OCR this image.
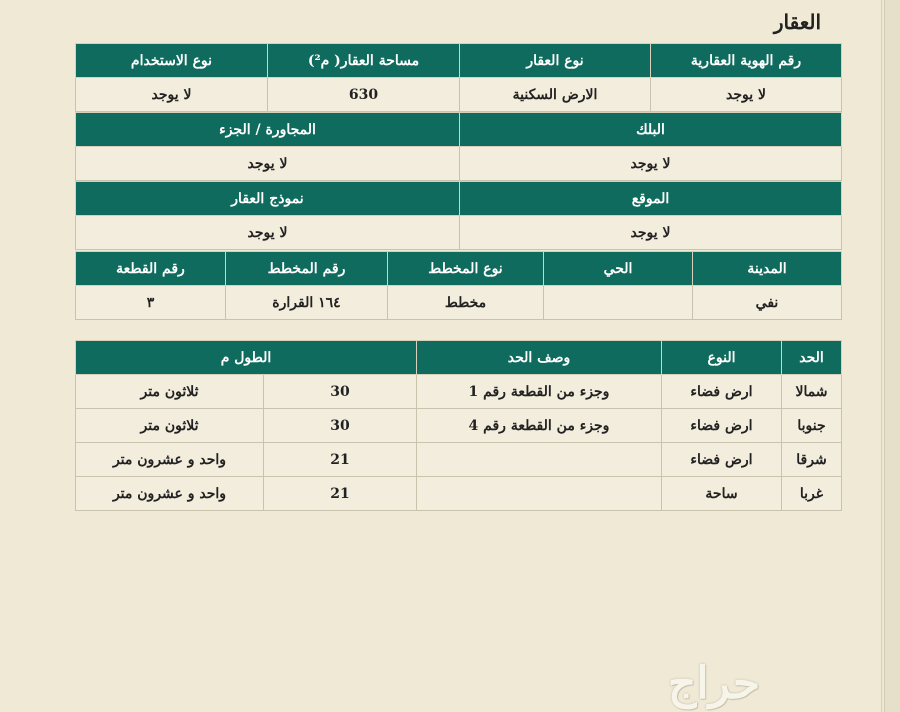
العقار
رقم الهوية العقارية	نوع العقار	مساحة العقار( م²)	نوع الاستخدام
لا يوجد	الارض السكنية	630	لا يوجد
البلك	المجاورة / الجزء
لا يوجد	لا يوجد
الموقع	نموذج العقار
لا يوجد	لا يوجد
المدينة	الحي	نوع المخطط	رقم المخطط	رقم القطعة
نفي		مخطط	١٦٤ القرارة	٣
الحد	النوع	وصف الحد	الطول م	
شمالا	ارض فضاء	وجزء من القطعة رقم 1	30	ثلاثون متر
جنوبا	ارض فضاء	وجزء من القطعة رقم 4	30	ثلاثون متر
شرقا	ارض فضاء		21	واحد و عشرون متر
غربا	ساحة		21	واحد و عشرون متر
حراج
